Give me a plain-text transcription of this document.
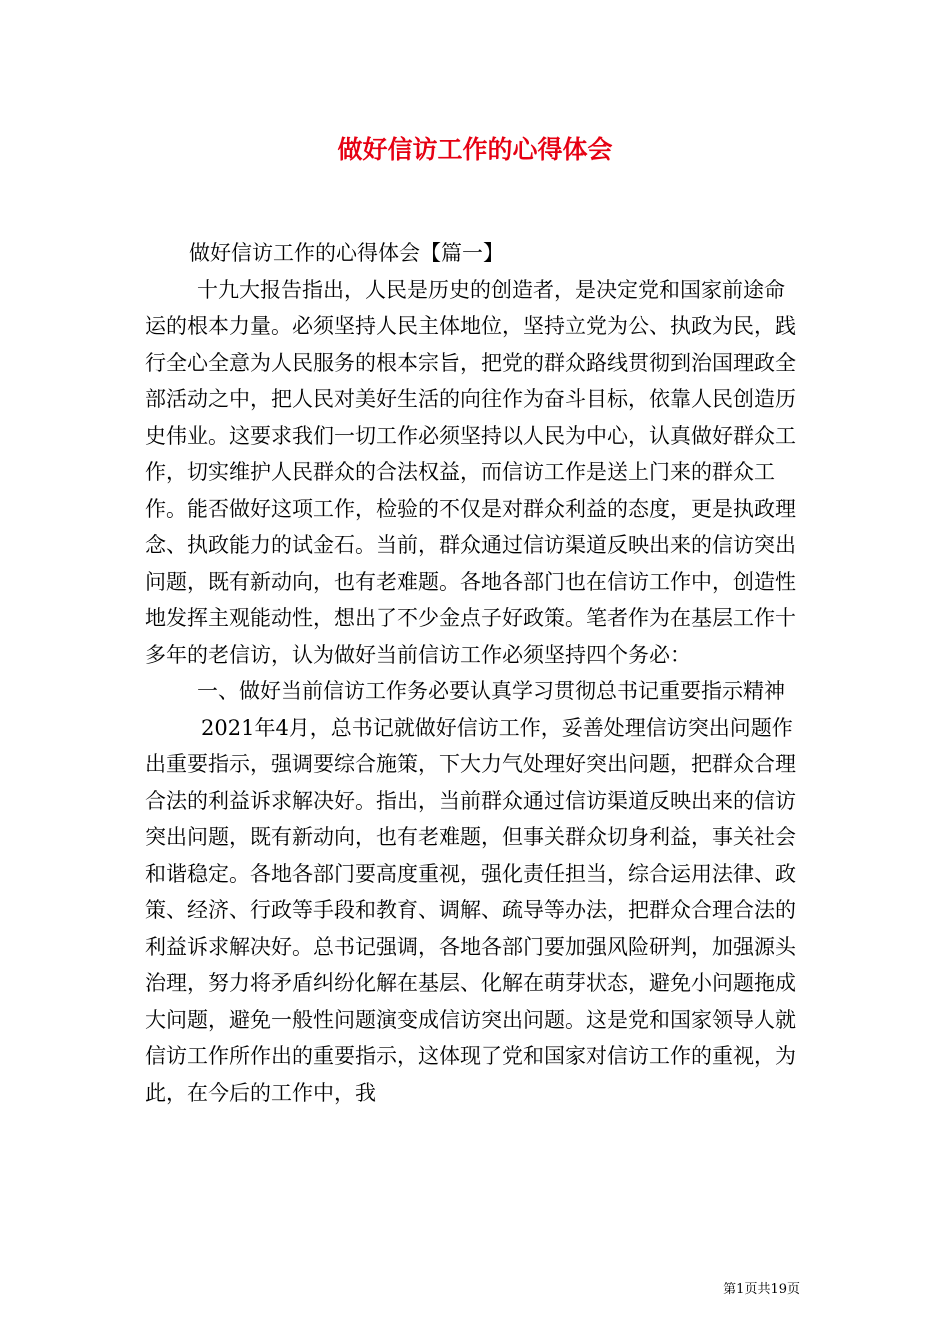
做好信访工作的心得体会

做好信访工作的心得体会【篇一】

十九大报告指出，人民是历史的创造者，是决定党和国家前途命运的根本力量。必须坚持人民主体地位，坚持立党为公、执政为民，践行全心全意为人民服务的根本宗旨，把党的群众路线贯彻到治国理政全部活动之中，把人民对美好生活的向往作为奋斗目标，依靠人民创造历史伟业。这要求我们一切工作必须坚持以人民为中心，认真做好群众工作，切实维护人民群众的合法权益，而信访工作是送上门来的群众工作。能否做好这项工作，检验的不仅是对群众利益的态度，更是执政理念、执政能力的试金石。当前，群众通过信访渠道反映出来的信访突出问题，既有新动向，也有老难题。各地各部门也在信访工作中，创造性地发挥主观能动性，想出了不少金点子好政策。笔者作为在基层工作十多年的老信访，认为做好当前信访工作必须坚持四个务必：

一、做好当前信访工作务必要认真学习贯彻总书记重要指示精神

2021年4月，总书记就做好信访工作，妥善处理信访突出问题作出重要指示，强调要综合施策，下大力气处理好突出问题，把群众合理合法的利益诉求解决好。指出，当前群众通过信访渠道反映出来的信访突出问题，既有新动向，也有老难题，但事关群众切身利益，事关社会和谐稳定。各地各部门要高度重视，强化责任担当，综合运用法律、政策、经济、行政等手段和教育、调解、疏导等办法，把群众合理合法的利益诉求解决好。总书记强调，各地各部门要加强风险研判，加强源头治理，努力将矛盾纠纷化解在基层、化解在萌芽状态，避免小问题拖成大问题，避免一般性问题演变成信访突出问题。这是党和国家领导人就信访工作所作出的重要指示，这体现了党和国家对信访工作的重视，为此，在今后的工作中，我

第1页共19页
